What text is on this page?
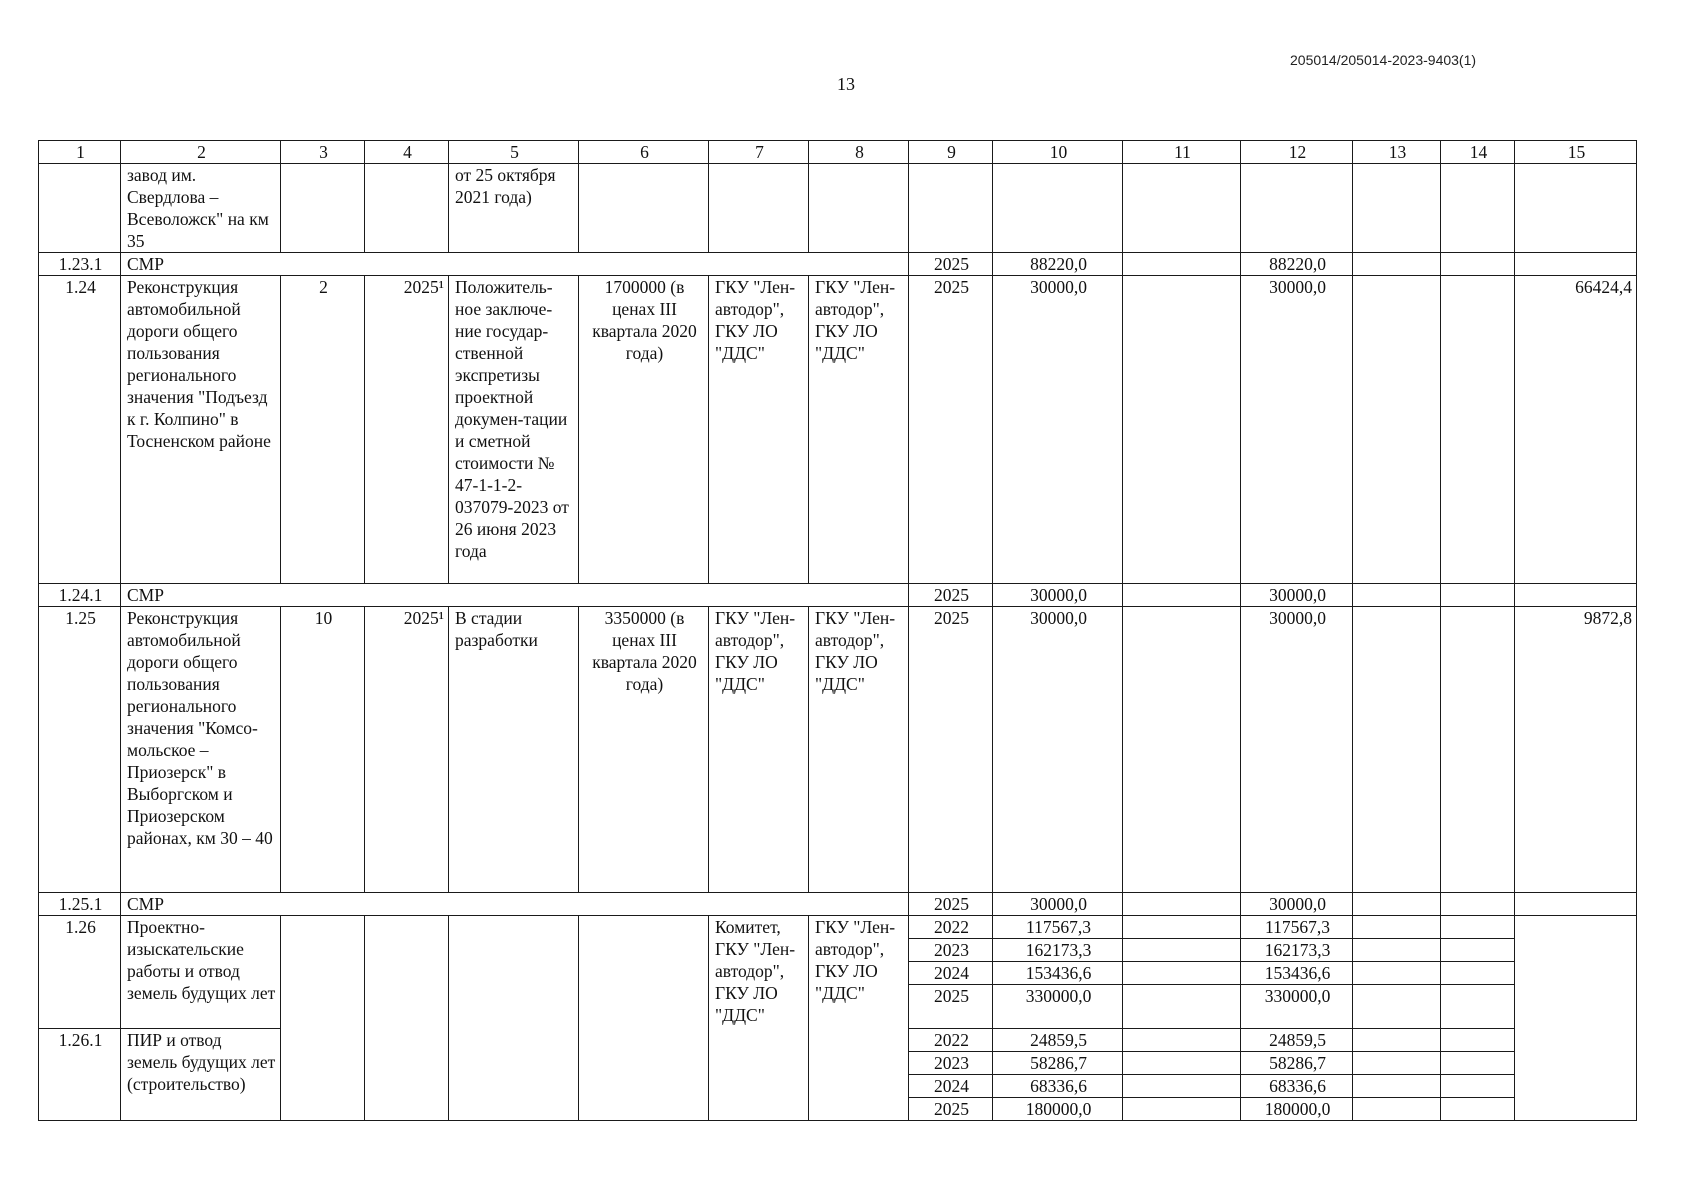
205014/205014-2023-9403(1)
13
1	2	3	4	5	6	7	8	9	10	11	12	13	14	15
	завод им. Свердлова – Всеволожск" на км 35			от 25 октября 2021 года)										
1.23.1	СМР							2025	88220,0		88220,0			
1.24	Реконструкция автомобильной дороги общего пользования регионального значения "Подъезд к г. Колпино" в Тосненском районе	2	2025¹	Положитель-ное заключе-ние государ-ственной экспретизы проектной докумен-тации и сметной стоимости № 47-1-1-2-037079-2023 от 26 июня 2023 года	1700000 (в ценах III квартала 2020 года)	ГКУ "Лен-автодор", ГКУ ЛО "ДДС"	ГКУ "Лен-автодор", ГКУ ЛО "ДДС"	2025	30000,0		30000,0			66424,4
1.24.1	СМР							2025	30000,0		30000,0			
1.25	Реконструкция автомобильной дороги общего пользования регионального значения "Комсо-мольское – Приозерск" в Выборгском и Приозерском районах, км 30 – 40	10	2025¹	В стадии разработки	3350000 (в ценах III квартала 2020 года)	ГКУ "Лен-автодор", ГКУ ЛО "ДДС"	ГКУ "Лен-автодор", ГКУ ЛО "ДДС"	2025	30000,0		30000,0			9872,8
1.25.1	СМР							2025	30000,0		30000,0			
1.26	Проектно-изыскательские работы и отвод земель будущих лет					Комитет, ГКУ "Лен-автодор", ГКУ ЛО "ДДС"	ГКУ "Лен-автодор", ГКУ ЛО "ДДС"	2022	117567,3		117567,3			
								2023	162173,3		162173,3			
								2024	153436,6		153436,6			
								2025	330000,0		330000,0			
1.26.1	ПИР и отвод земель будущих лет (строительство)							2022	24859,5		24859,5			
								2023	58286,7		58286,7			
								2024	68336,6		68336,6			
								2025	180000,0		180000,0			
